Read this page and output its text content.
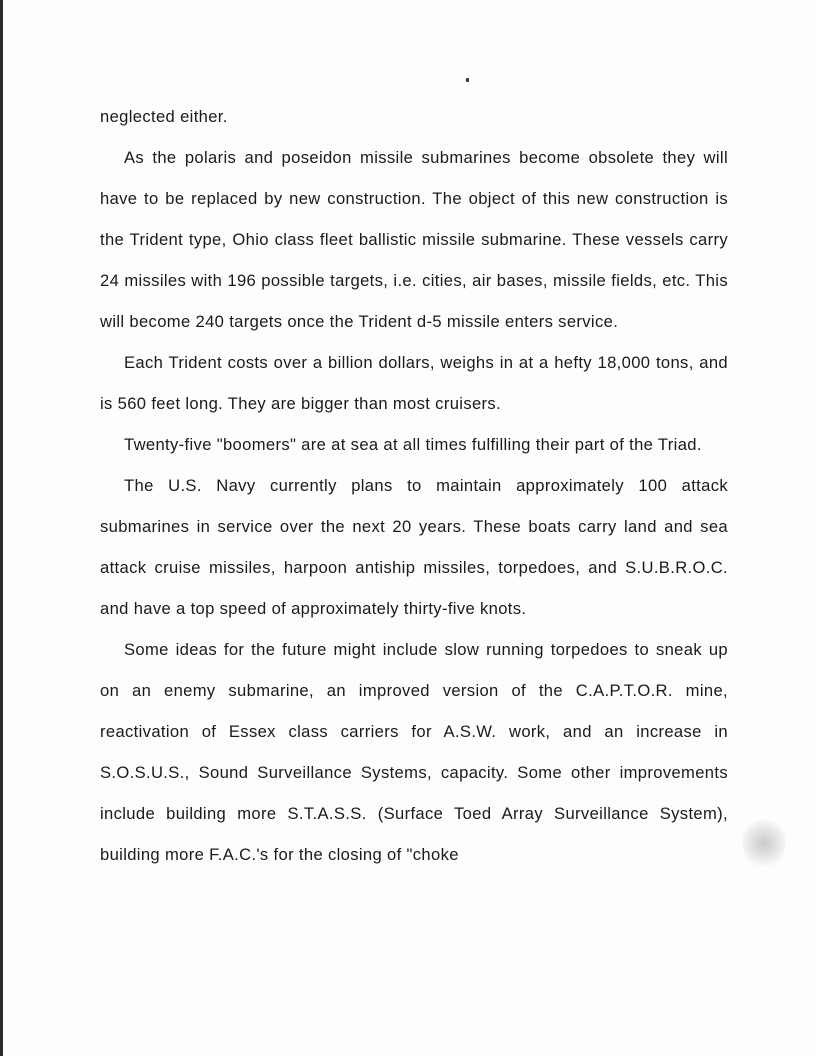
neglected either.

As the polaris and poseidon missile submarines become obsolete they will have to be replaced by new construction. The object of this new construction is the Trident type, Ohio class fleet ballistic missile submarine. These vessels carry 24 missiles with 196 possible targets, i.e. cities, air bases, missile fields, etc. This will become 240 targets once the Trident d-5 missile enters service.

Each Trident costs over a billion dollars, weighs in at a hefty 18,000 tons, and is 560 feet long. They are bigger than most cruisers.

Twenty-five "boomers" are at sea at all times fulfilling their part of the Triad.

The U.S. Navy currently plans to maintain approximately 100 attack submarines in service over the next 20 years. These boats carry land and sea attack cruise missiles, harpoon antiship missiles, torpedoes, and S.U.B.R.O.C. and have a top speed of approximately thirty-five knots.

Some ideas for the future might include slow running torpedoes to sneak up on an enemy submarine, an improved version of the C.A.P.T.O.R. mine, reactivation of Essex class carriers for A.S.W. work, and an increase in S.O.S.U.S., Sound Surveillance Systems, capacity. Some other improvements include building more S.T.A.S.S. (Surface Toed Array Surveillance System), building more F.A.C.'s for the closing of "choke
